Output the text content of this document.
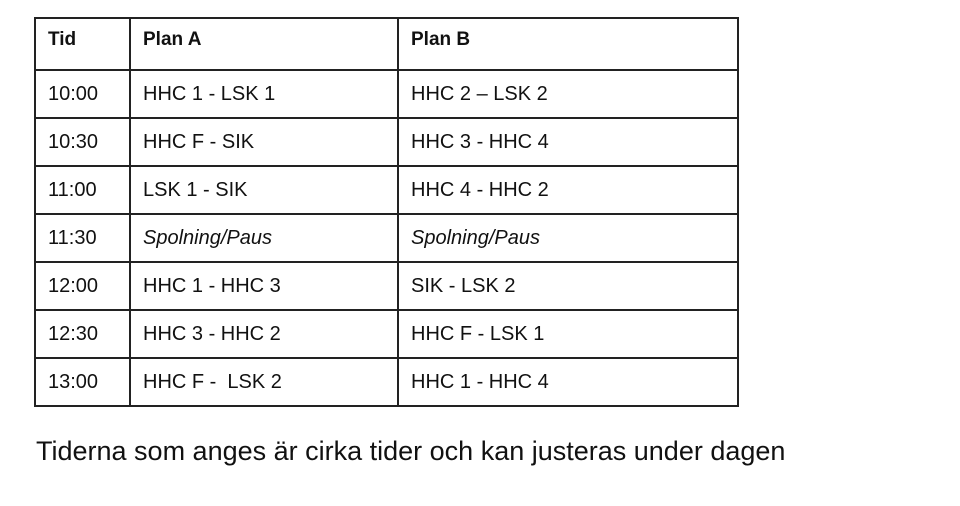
Tid	Plan A	Plan B
10:00	HHC 1 - LSK 1	HHC 2 – LSK 2
10:30	HHC F - SIK	HHC 3 - HHC 4
11:00	LSK 1 - SIK	HHC 4 - HHC 2
11:30	Spolning/Paus	Spolning/Paus
12:00	HHC 1 - HHC 3	SIK - LSK 2
12:30	HHC 3 - HHC 2	HHC F - LSK 1
13:00	HHC F -  LSK 2	HHC 1 - HHC 4

Tiderna som anges är cirka tider och kan justeras under dagen
